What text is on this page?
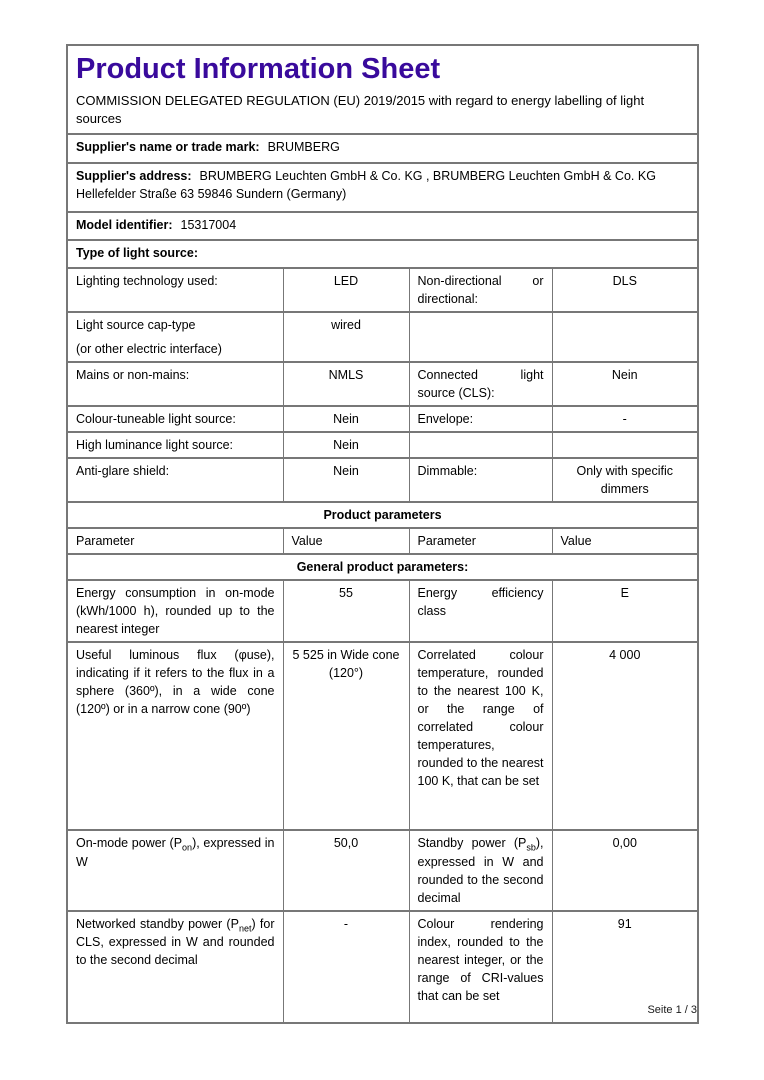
Product Information Sheet

COMMISSION DELEGATED REGULATION (EU) 2019/2015 with regard to energy labelling of light sources

Supplier's name or trade mark: BRUMBERG			
Supplier's address: BRUMBERG Leuchten GmbH & Co. KG , BRUMBERG Leuchten GmbH & Co. KG Hellefelder Straße 63 59846 Sundern (Germany)			
Model identifier: 15317004			
Type of light source:			
Lighting technology used:	LED	Non-directional or directional:	DLS

Light source cap-type
(or other electric interface)	wired		
Mains or non-mains:	NMLS	Connected light source (CLS):	Nein
Colour-tuneable light source:	Nein	Envelope:	-
High luminance light source:	Nein		
Anti-glare shield:	Nein	Dimmable:	Only with specific dimmers
Product parameters			
Parameter	Value	Parameter	Value
General product parameters:			
Energy consumption in on-mode (kWh/1000 h), rounded up to the nearest integer	55	Energy efficiency class	E
Useful luminous flux (φuse), indicating if it refers to the flux in a sphere (360º), in a wide cone (120º) or in a narrow cone (90º)	5 525 in Wide cone (120°)	Correlated colour temperature, rounded to the nearest 100 K, or the range of correlated colour temperatures, rounded to the nearest 100 K, that can be set	4 000
On-mode power $(P_{on})$, expressed in W	50,0	Standby power $(P_{sb})$, expressed in W and rounded to the second decimal	0,00
Networked standby power $(P_{net})$ for CLS, expressed in W and rounded to the second decimal	-	Colour rendering index, rounded to the nearest integer, or the range of CRI-values that can be set	91
Seite 1 / 3
